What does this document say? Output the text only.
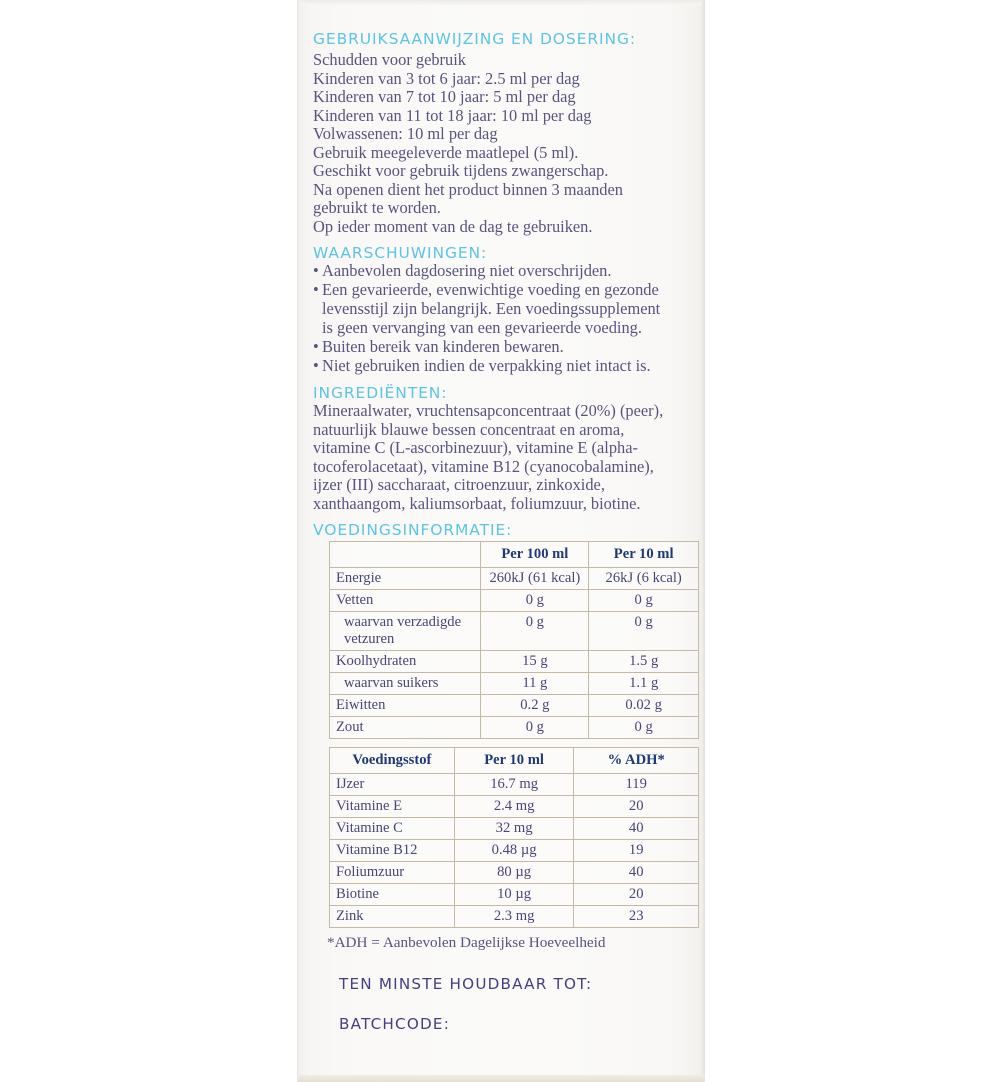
GEBRUIKSAANWIJZING EN DOSERING:
Schudden voor gebruik
Kinderen van 3 tot 6 jaar: 2.5 ml per dag
Kinderen van 7 tot 10 jaar: 5 ml per dag
Kinderen van 11 tot 18 jaar: 10 ml per dag
Volwassenen: 10 ml per dag
Gebruik meegeleverde maatlepel (5 ml).
Geschikt voor gebruik tijdens zwangerschap.
Na openen dient het product binnen 3 maanden
gebruikt te worden.
Op ieder moment van de dag te gebruiken.
WAARSCHUWINGEN:
• Aanbevolen dagdosering niet overschrijden.
• Een gevarieerde, evenwichtige voeding en gezonde
levensstijl zijn belangrijk. Een voedingssupplement
is geen vervanging van een gevarieerde voeding.
• Buiten bereik van kinderen bewaren.
• Niet gebruiken indien de verpakking niet intact is.
INGREDIËNTEN:
Mineraalwater, vruchtensapconcentraat (20%) (peer),
natuurlijk blauwe bessen concentraat en aroma,
vitamine C (L-ascorbinezuur), vitamine E (alpha-
tocoferolacetaat), vitamine B12 (cyanocobalamine),
ijzer (III) saccharaat, citroenzuur, zinkoxide,
xanthaangom, kaliumsorbaat, foliumzuur, biotine.
VOEDINGSINFORMATIE:
	Per 100 ml	Per 10 ml
Energie	260kJ (61 kcal)	26kJ (6 kcal)
Vetten	0 g	0 g
waarvan verzadigde vetzuren	0 g	0 g
Koolhydraten	15 g	1.5 g
waarvan suikers	11 g	1.1 g
Eiwitten	0.2 g	0.02 g
Zout	0 g	0 g
Voedingsstof	Per 10 ml	% ADH*
IJzer	16.7 mg	119
Vitamine E	2.4 mg	20
Vitamine C	32 mg	40
Vitamine B12	0.48 µg	19
Foliumzuur	80 µg	40
Biotine	10 µg	20
Zink	2.3 mg	23
*ADH = Aanbevolen Dagelijkse Hoeveelheid
TEN MINSTE HOUDBAAR TOT:
BATCHCODE:
